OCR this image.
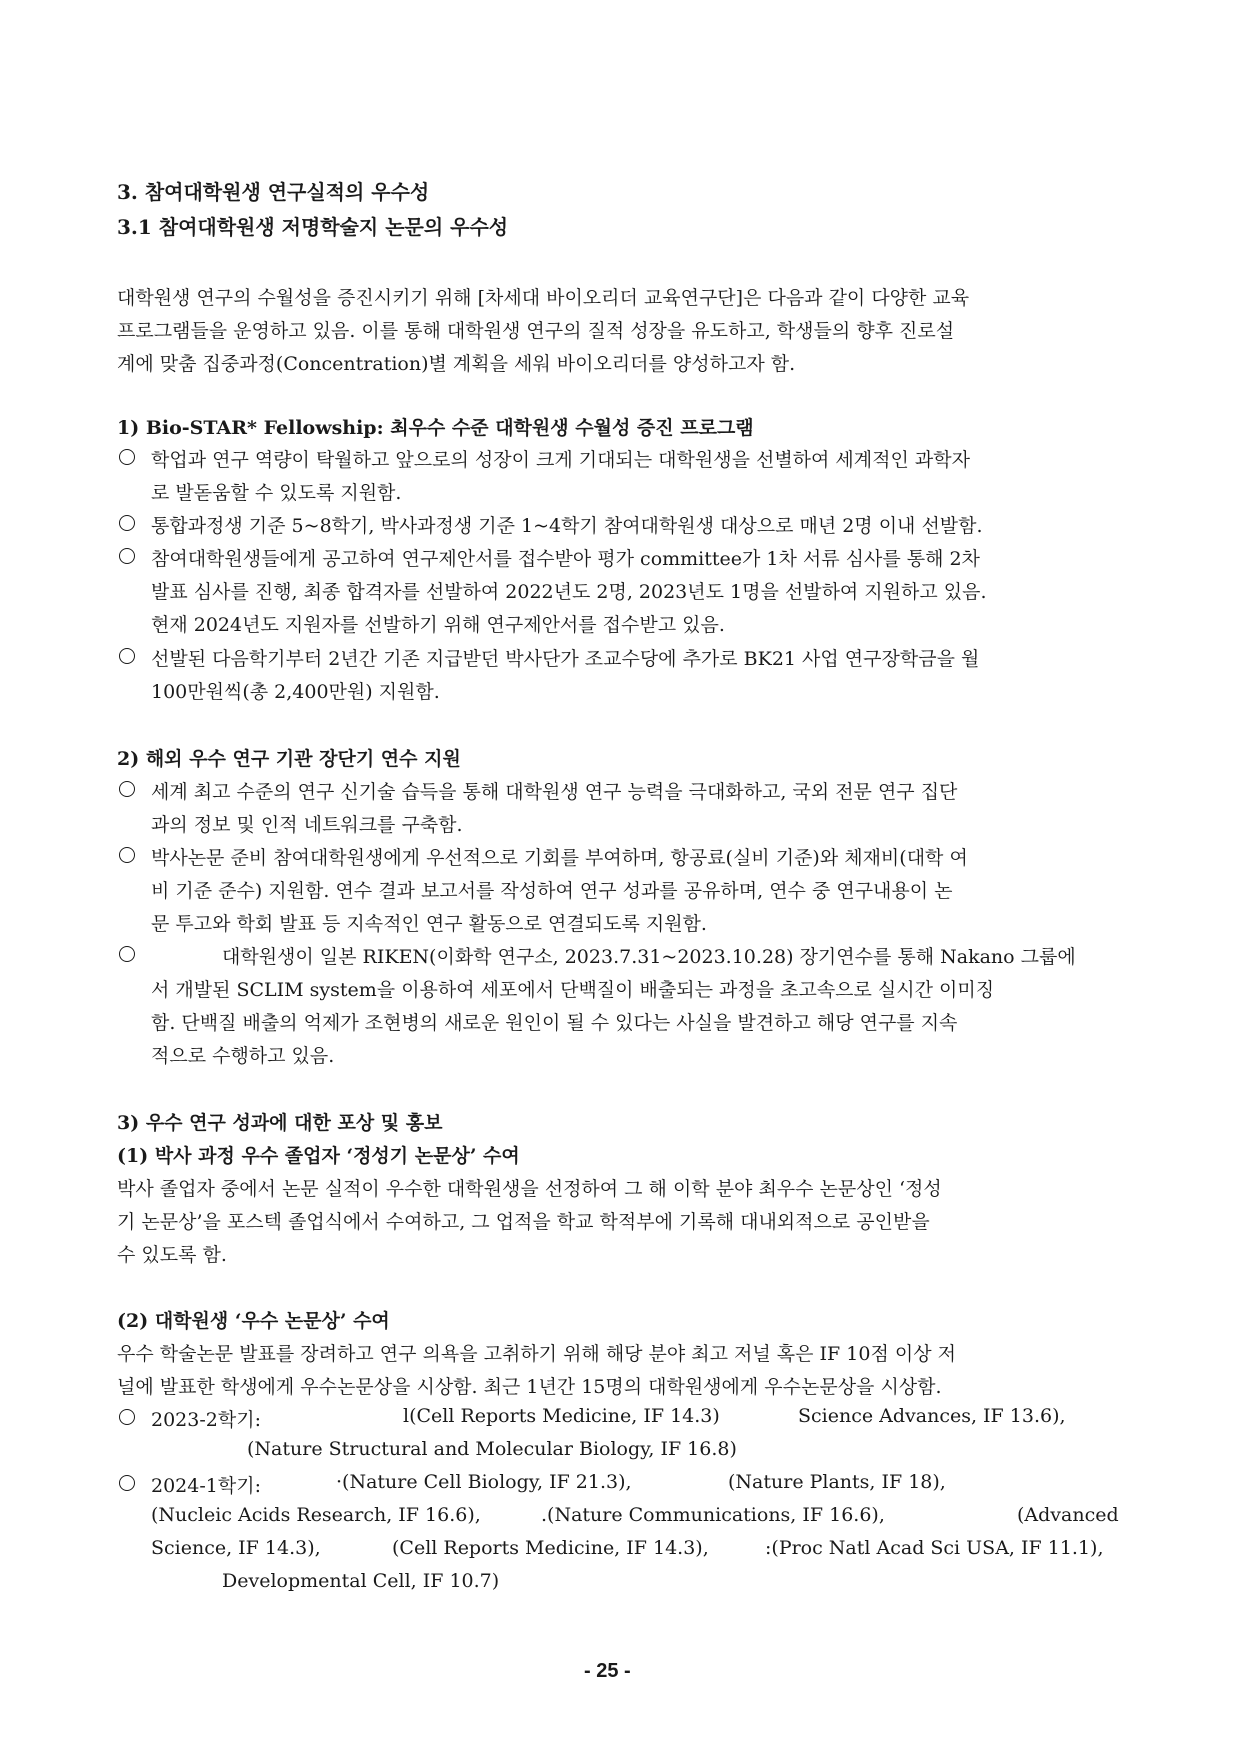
3. 참여대학원생 연구실적의 우수성
3.1 참여대학원생 저명학술지 논문의 우수성
대학원생 연구의 수월성을 증진시키기 위해 [차세대 바이오리더 교육연구단]은 다음과 같이 다양한 교육
프로그램들을 운영하고 있음. 이를 통해 대학원생 연구의 질적 성장을 유도하고, 학생들의 향후 진로설
계에 맞춤 집중과정(Concentration)별 계획을 세워 바이오리더를 양성하고자 함.
1) Bio-STAR* Fellowship: 최우수 수준 대학원생 수월성 증진 프로그램
학업과 연구 역량이 탁월하고 앞으로의 성장이 크게 기대되는 대학원생을 선별하여 세계적인 과학자
로 발돋움할 수 있도록 지원함.
통합과정생 기준 5~8학기, 박사과정생 기준 1~4학기 참여대학원생 대상으로 매년 2명 이내 선발함.
참여대학원생들에게 공고하여 연구제안서를 접수받아 평가 committee가 1차 서류 심사를 통해 2차
발표 심사를 진행, 최종 합격자를 선발하여 2022년도 2명, 2023년도 1명을 선발하여 지원하고 있음.
현재 2024년도 지원자를 선발하기 위해 연구제안서를 접수받고 있음.
선발된 다음학기부터 2년간 기존 지급받던 박사단가 조교수당에 추가로 BK21 사업 연구장학금을 월
100만원씩(총 2,400만원) 지원함.
2) 해외 우수 연구 기관 장단기 연수 지원
세계 최고 수준의 연구 신기술 습득을 통해 대학원생 연구 능력을 극대화하고, 국외 전문 연구 집단
과의 정보 및 인적 네트워크를 구축함.
박사논문 준비 참여대학원생에게 우선적으로 기회를 부여하며, 항공료(실비 기준)와 체재비(대학 여
비 기준 준수) 지원함. 연수 결과 보고서를 작성하여 연구 성과를 공유하며, 연수 중 연구내용이 논
문 투고와 학회 발표 등 지속적인 연구 활동으로 연결되도록 지원함.
대학원생이 일본 RIKEN(이화학 연구소, 2023.7.31~2023.10.28) 장기연수를 통해 Nakano 그룹에
서 개발된 SCLIM system을 이용하여 세포에서 단백질이 배출되는 과정을 초고속으로 실시간 이미징
함. 단백질 배출의 억제가 조현병의 새로운 원인이 될 수 있다는 사실을 발견하고 해당 연구를 지속
적으로 수행하고 있음.
3) 우수 연구 성과에 대한 포상 및 홍보
(1) 박사 과정 우수 졸업자 ‘정성기 논문상’ 수여
박사 졸업자 중에서 논문 실적이 우수한 대학원생을 선정하여 그 해 이학 분야 최우수 논문상인 ‘정성
기 논문상’을 포스텍 졸업식에서 수여하고, 그 업적을 학교 학적부에 기록해 대내외적으로 공인받을
수 있도록 함.
(2) 대학원생 ‘우수 논문상’ 수여
우수 학술논문 발표를 장려하고 연구 의욕을 고취하기 위해 해당 분야 최고 저널 혹은 IF 10점 이상 저
널에 발표한 학생에게 우수논문상을 시상함. 최근 1년간 15명의 대학원생에게 우수논문상을 시상함.
2023-2학기:	l(Cell Reports Medicine, IF 14.3)	Science Advances, IF 13.6),
(Nature Structural and Molecular Biology, IF 16.8)
2024-1학기:	·(Nature Cell Biology, IF 21.3),	(Nature Plants, IF 18),
(Nucleic Acids Research, IF 16.6),	.(Nature Communications, IF 16.6),	(Advanced
Science, IF 14.3),	(Cell Reports Medicine, IF 14.3),	:(Proc Natl Acad Sci USA, IF 11.1),
Developmental Cell, IF 10.7)
- 25 -
